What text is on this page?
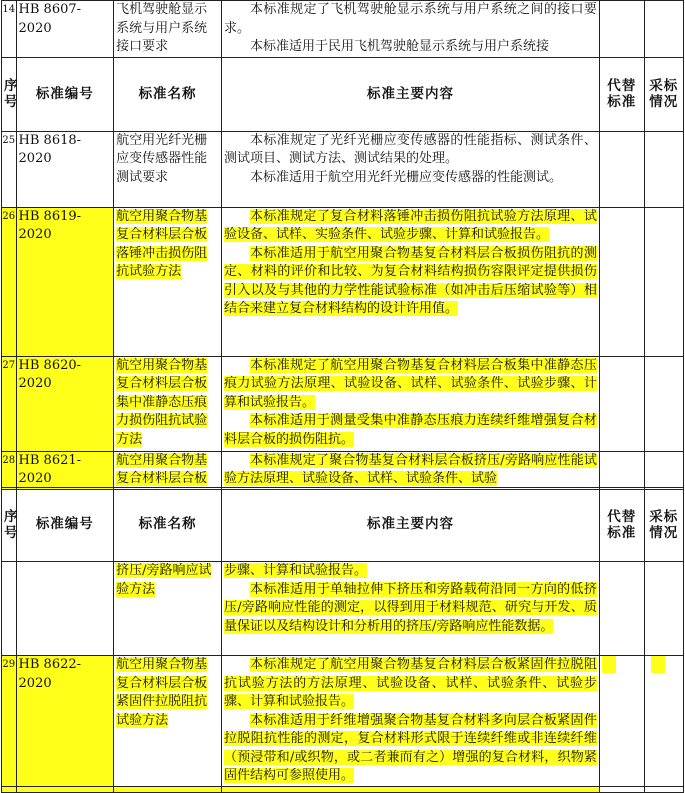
14	HB 8607-2020	飞机驾驶舱显示系统与用户系统接口要求	本标准规定了飞机驾驶舱显示系统与用户系统之间的接口要求。
本标准适用于民用飞机驾驶舱显示系统与用户系统接		

序号	标准编号	标准名称	标准主要内容	代替标准	采标情况
25	HB 8618-2020	航空用光纤光栅应变传感器性能测试要求	本标准规定了光纤光栅应变传感器的性能指标、测试条件、测试项目、测试方法、测试结果的处理。
本标准适用于航空用光纤光栅应变传感器的性能测试。		

26	HB 8619-2020	航空用聚合物基复合材料层合板落锤冲击损伤阻抗试验方法	本标准规定了复合材料落锤冲击损伤阻抗试验方法原理、试验设备、试样、实验条件、试验步骤、计算和试验报告。
本标准适用于航空用聚合物基复合材料层合板损伤阻抗的测定、材料的评价和比较、为复合材料结构损伤容限评定提供损伤引入以及与其他的力学性能试验标准（如冲击后压缩试验等）相结合来建立复合材料结构的设计许用值。		

27	HB 8620-2020	航空用聚合物基复合材料层合板集中准静态压痕力损伤阻抗试验方法	本标准规定了航空用聚合物基复合材料层合板集中准静态压痕力试验方法原理、试验设备、试样、试验条件、试验步骤、计算和试验报告。
本标准适用于测量受集中准静态压痕力连续纤维增强复合材料层合板的损伤阻抗。		

28	HB 8621-2020	航空用聚合物基复合材料层合板	本标准规定了聚合物基复合材料层合板挤压/旁路响应性能试验方法原理、试验设备、试样、试验条件、试验		

序号	标准编号	标准名称	标准主要内容	代替标准	采标情况
		挤压/旁路响应试验方法	步骤、计算和试验报告。
本标准适用于单轴拉伸下挤压和旁路载荷沿同一方向的低挤压/旁路响应性能的测定，以得到用于材料规范、研究与开发、质量保证以及结构设计和分析用的挤压/旁路响应性能数据。		

29	HB 8622-2020	航空用聚合物基复合材料层合板紧固件拉脱阻抗试验方法	本标准规定了航空用聚合物基复合材料层合板紧固件拉脱阻抗试验方法的方法原理、试验设备、试样、试验条件、试验步骤、计算和试验报告。
本标准适用于纤维增强聚合物基复合材料多向层合板紧固件拉脱阻抗性能的测定，复合材料形式限于连续纤维或非连续纤维（预浸带和/或织物，或二者兼而有之）增强的复合材料，织物紧固件结构可参照使用。		
